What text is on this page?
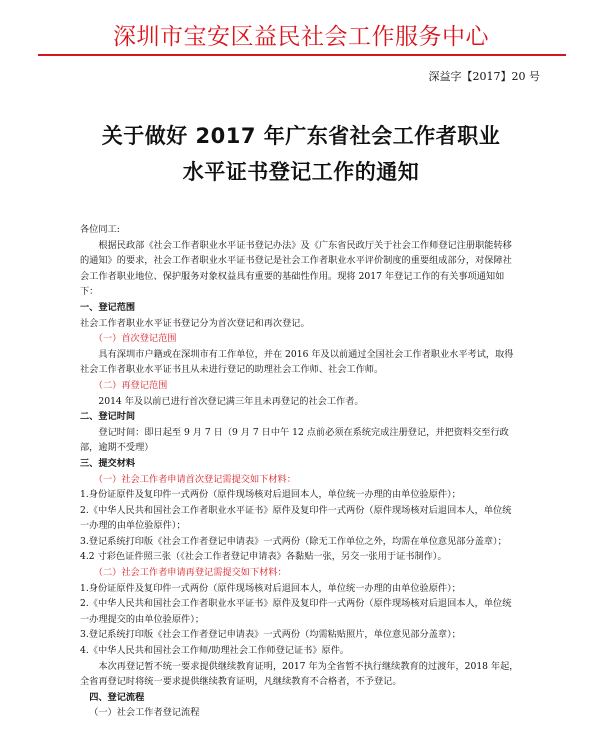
深圳市宝安区益民社会工作服务中心
深益字【2017】20 号
关于做好 2017 年广东省社会工作者职业
水平证书登记工作的通知

各位同工:

根据民政部《社会工作者职业水平证书登记办法》及《广东省民政厅关于社会工作师登记注册职能转移的通知》的要求，社会工作者职业水平证书登记是社会工作者职业水平评价制度的重要组成部分，对保障社会工作者职业地位、保护服务对象权益具有重要的基础性作用。现将 2017 年登记工作的有关事项通知如下：

一、登记范围

社会工作者职业水平证书登记分为首次登记和再次登记。

（一）首次登记范围

具有深圳市户籍或在深圳市有工作单位，并在 2016 年及以前通过全国社会工作者职业水平考试，取得社会工作者职业水平证书且从未进行登记的助理社会工作师、社会工作师。

（二）再登记范围

2014 年及以前已进行首次登记满三年且未再登记的社会工作者。

二、登记时间

登记时间：即日起至 9 月 7 日（9 月 7 日中午 12 点前必须在系统完成注册登记，并把资料交至行政部，逾期不受理）

三、提交材料

（一）社会工作者申请首次登记需提交如下材料：

1.身份证原件及复印件一式两份（原件现场核对后退回本人，单位统一办理的由单位验原件）；

2.《中华人民共和国社会工作者职业水平证书》原件及复印件一式两份（原件现场核对后退回本人，单位统一办理的由单位验原件）；

3.登记系统打印版《社会工作者登记申请表》一式两份（除无工作单位之外，均需在单位意见部分盖章）；

4.2 寸彩色证件照三张（《社会工作者登记申请表》各黏贴一张，另交一张用于证书制作）。

（二）社会工作者申请再登记需提交如下材料：

1.身份证原件及复印件一式两份（原件现场核对后退回本人，单位统一办理的由单位验原件）；

2.《中华人民共和国社会工作者职业水平证书》原件及复印件一式两份（原件现场核对后退回本人，单位统一办理提交的由单位验原件）；

3.登记系统打印版《社会工作者登记申请表》一式两份（均需粘贴照片，单位意见部分盖章）；

4.《中华人民共和国社会工作师/助理社会工作师登记证书》原件。

本次再登记暂不统一要求提供继续教育证明，2017 年为全省暂不执行继续教育的过渡年，2018 年起，全省再登记时将统一要求提供继续教育证明，凡继续教育不合格者，不予登记。

四、登记流程

（一）社会工作者登记流程
